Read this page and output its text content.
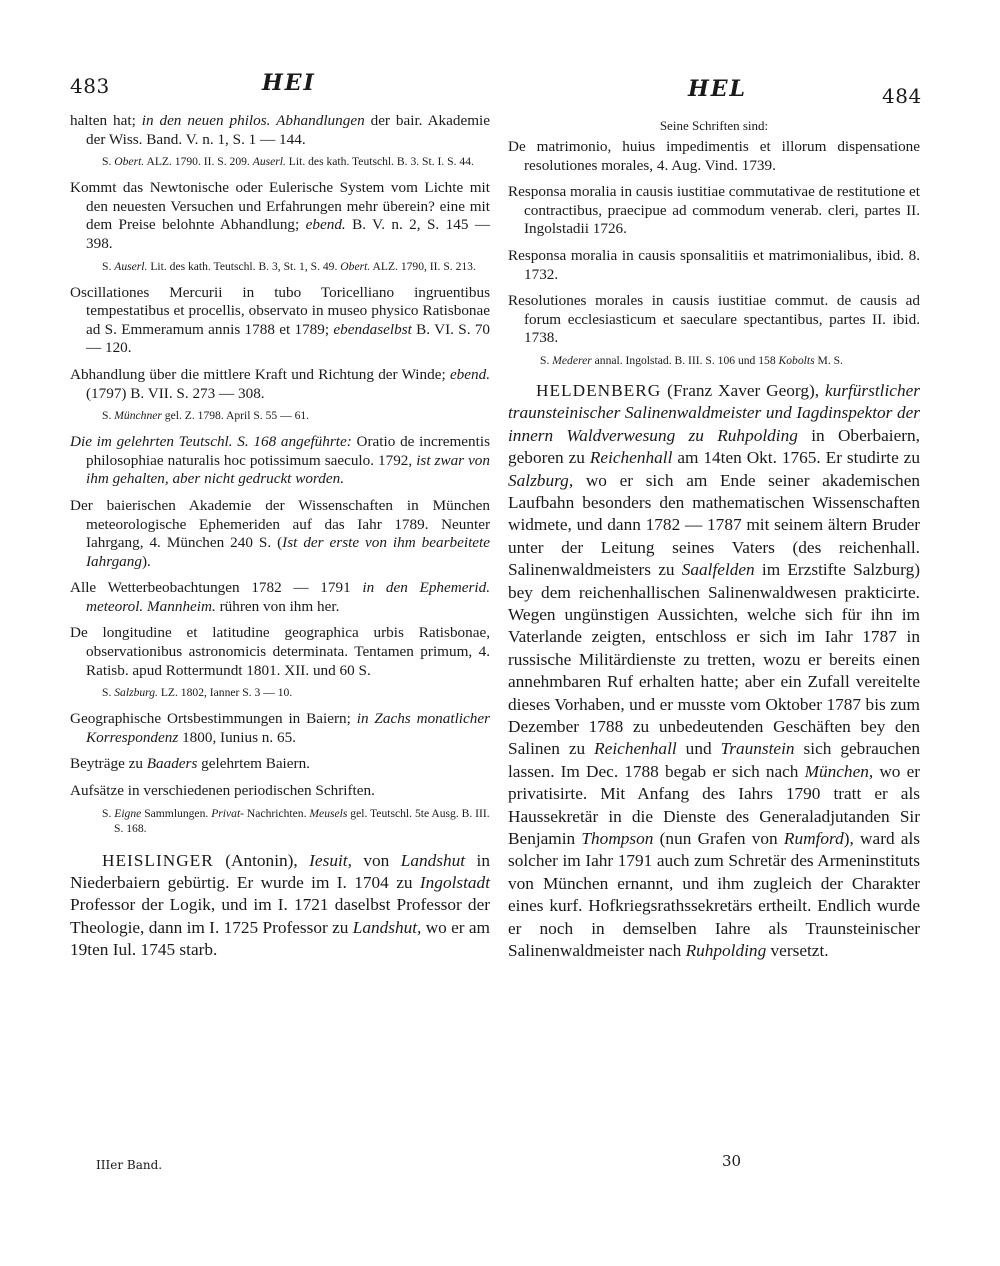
483	HEI	HEL	484

halten hat; in den neuen philos. Abhandlungen der bair. Akademie der Wiss. Band. V. n. 1, S. 1 — 144.

S. Obert. ALZ. 1790. II. S. 209. Auserl. Lit. des kath. Teutschl. B. 3. St. I. S. 44.

Kommt das Newtonische oder Eulerische System vom Lichte mit den neuesten Versuchen und Erfahrungen mehr überein? eine mit dem Preise belohnte Abhandlung; ebend. B. V. n. 2, S. 145 — 398.

S. Auserl. Lit. des kath. Teutschl. B. 3, St. 1, S. 49. Obert. ALZ. 1790, II. S. 213.

Oscillationes Mercurii in tubo Toricelliano ingruentibus tempestatibus et procellis, observato in museo physico Ratisbonae ad S. Emmeramum annis 1788 et 1789; ebendaselbst B. VI. S. 70 — 120.

Abhandlung über die mittlere Kraft und Richtung der Winde; ebend. (1797) B. VII. S. 273 — 308.

S. Münchner gel. Z. 1798. April S. 55 — 61.

Die im gelehrten Teutschl. S. 168 angeführte: Oratio de incrementis philosophiae naturalis hoc potissimum saeculo. 1792, ist zwar von ihm gehalten, aber nicht gedruckt worden.

Der baierischen Akademie der Wissenschaften in München meteorologische Ephemeriden auf das Iahr 1789. Neunter Iahrgang, 4. München 240 S. (Ist der erste von ihm bearbeitete Iahrgang).

Alle Wetterbeobachtungen 1782 — 1791 in den Ephemerid. meteorol. Mannheim. rühren von ihm her.

De longitudine et latitudine geographica urbis Ratisbonae, observationibus astronomicis determinata. Tentamen primum, 4. Ratisb. apud Rottermundt 1801. XII. und 60 S.

S. Salzburg. LZ. 1802, Ianner S. 3 — 10.

Geographische Ortsbestimmungen in Baiern; in Zachs monatlicher Korrespondenz 1800, Iunius n. 65.

Beyträge zu Baaders gelehrtem Baiern.

Aufsätze in verschiedenen periodischen Schriften.

S. Eigne Sammlungen. Privat- Nachrichten. Meusels gel. Teutschl. 5te Ausg. B. III. S. 168.

HEISLINGER (Antonin), Iesuit, von Landshut in Niederbaiern gebürtig. Er wurde im I. 1704 zu Ingolstadt Professor der Logik, und im I. 1721 daselbst Professor der Theologie, dann im I. 1725 Professor zu Landshut, wo er am 19ten Iul. 1745 starb.

Seine Schriften sind:

De matrimonio, huius impedimentis et illorum dispensatione resolutiones morales, 4. Aug. Vind. 1739.

Responsa moralia in causis iustitiae commutativae de restitutione et contractibus, praecipue ad commodum venerab. cleri, partes II. Ingolstadii 1726.

Responsa moralia in causis sponsalitiis et matrimonialibus, ibid. 8. 1732.

Resolutiones morales in causis iustitiae commut. de causis ad forum ecclesiasticum et saeculare spectantibus, partes II. ibid. 1738.

S. Mederer annal. Ingolstad. B. III. S. 106 und 158 Kobolts M. S.

HELDENBERG (Franz Xaver Georg), kurfürstlicher traunsteinischer Salinenwaldmeister und Iagdinspektor der innern Waldverwesung zu Ruhpolding in Oberbaiern, geboren zu Reichenhall am 14ten Okt. 1765. Er studirte zu Salzburg, wo er sich am Ende seiner akademischen Laufbahn besonders den mathematischen Wissenschaften widmete, und dann 1782 — 1787 mit seinem ältern Bruder unter der Leitung seines Vaters (des reichenhall. Salinenwaldmeisters zu Saalfelden im Erzstifte Salzburg) bey dem reichenhallischen Salinenwaldwesen prakticirte. Wegen ungünstigen Aussichten, welche sich für ihn im Vaterlande zeigten, entschloss er sich im Iahr 1787 in russische Militärdienste zu tretten, wozu er bereits einen annehmbaren Ruf erhalten hatte; aber ein Zufall vereitelte dieses Vorhaben, und er musste vom Oktober 1787 bis zum Dezember 1788 zu unbedeutenden Geschäften bey den Salinen zu Reichenhall und Traunstein sich gebrauchen lassen. Im Dec. 1788 begab er sich nach München, wo er privatisirte. Mit Anfang des Iahrs 1790 tratt er als Haussekretär in die Dienste des Generaladjutanden Sir Benjamin Thompson (nun Grafen von Rumford), ward als solcher im Iahr 1791 auch zum Schretär des Armeninstituts von München ernannt, und ihm zugleich der Charakter eines kurf. Hofkriegsrathssekretärs ertheilt. Endlich wurde er noch in demselben Iahre als Traunsteinischer Salinenwaldmeister nach Ruhpolding versetzt.

IIIer Band.	30
